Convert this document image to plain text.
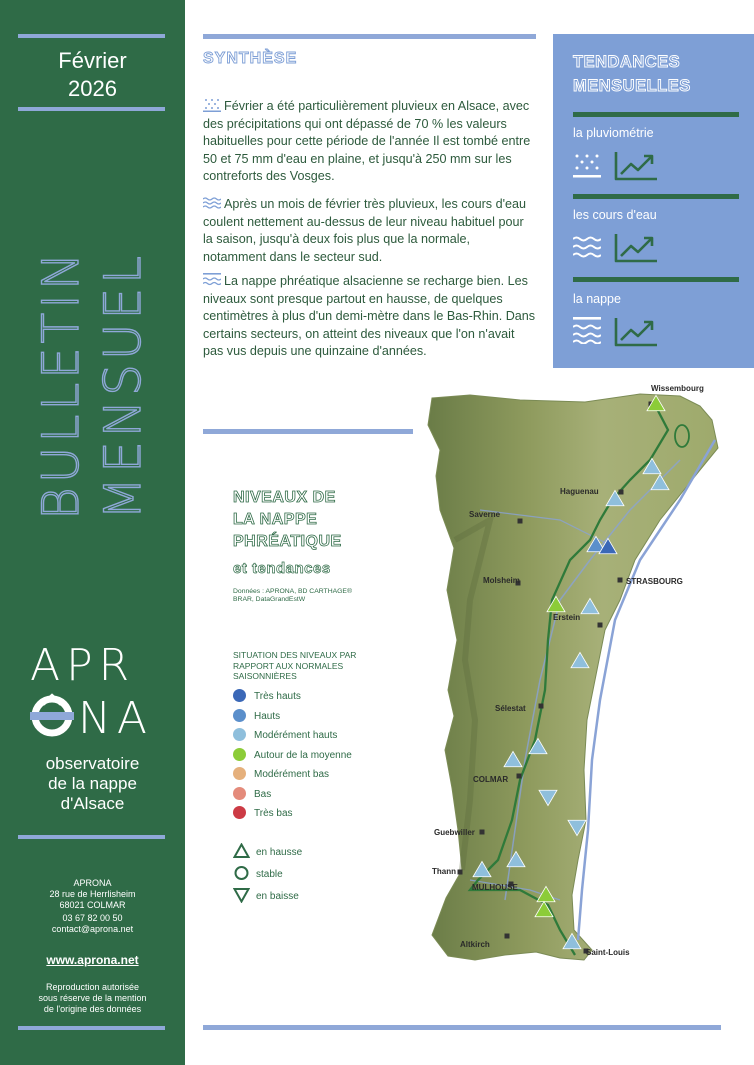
Février
2026
BULLETIN MENSUEL
APR
NA
observatoire
de la nappe
d'Alsace
APRONA
28 rue de Herrlisheim
68021 COLMAR
03 67 82 00 50
contact@aprona.net
www.aprona.net
Reproduction autorisée
sous réserve de la mention
de l'origine des données
SYNTHÈSE
Février a été particulièrement pluvieux en Alsace, avec des précipitations qui ont dépassé de 70 % les valeurs habituelles pour cette période de l'année Il est tombé entre 50 et 75 mm d'eau en plaine, et jusqu'à 250 mm sur les contreforts des Vosges.
Après un mois de février très pluvieux, les cours d'eau coulent nettement au-dessus de leur niveau habituel pour la saison, jusqu'à deux fois plus que la normale, notamment dans le secteur sud.
La nappe phréatique alsacienne se recharge bien. Les niveaux sont presque partout en hausse, de quelques centimètres à plus d'un demi-mètre dans le Bas-Rhin. Dans certains secteurs, on atteint des niveaux que l'on n'avait pas vus depuis une quinzaine d'années.
TENDANCES
MENSUELLES
la pluviométrie
les cours d'eau
la nappe
Wissembourg
Haguenau
Saverne
STRASBOURG
Molsheim
Erstein
Sélestat
COLMAR
Guebwiller
Thann
MULHOUSE
Altkirch
Saint-Louis
NIVEAUX DE
LA NAPPE
PHRÉATIQUE
et tendances
Données : APRONA, BD CARTHAGE® BRAR, DataGrandEstW
SITUATION DES NIVEAUX PAR RAPPORT AUX NORMALES SAISONNIÈRES
Très hauts
Hauts
Modérément hauts
Autour de la moyenne
Modérément bas
Bas
Très bas
en hausse
stable
en baisse
